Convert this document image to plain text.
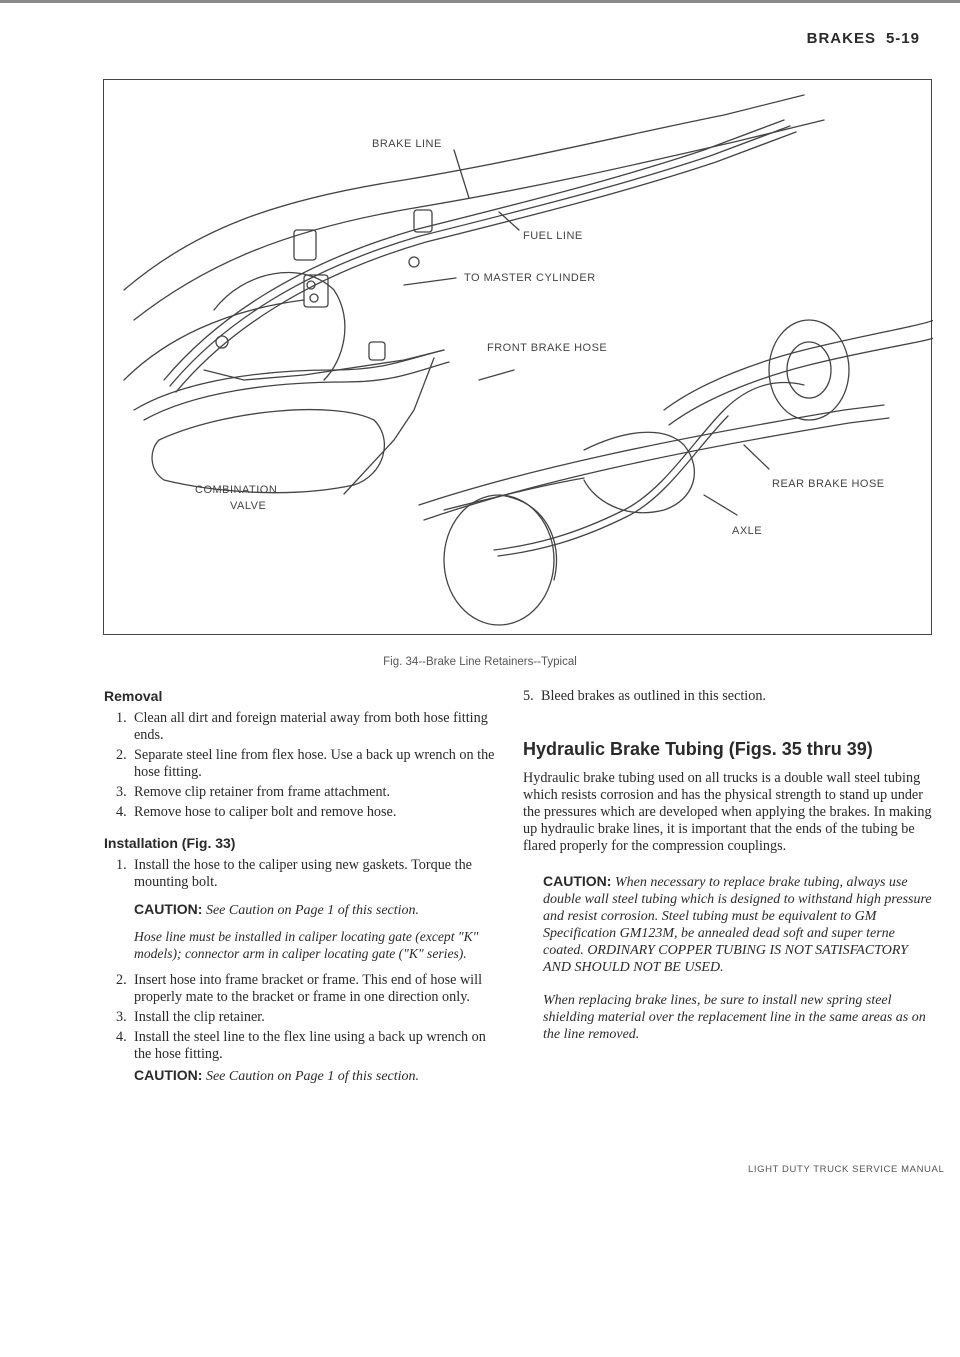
BRAKES 5-19
BRAKE LINE
FUEL LINE
TO MASTER CYLINDER
FRONT BRAKE HOSE
REAR BRAKE HOSE
AXLE
COMBINATION
VALVE
Fig. 34--Brake Line Retainers--Typical
Removal
1. Clean all dirt and foreign material away from both hose fitting ends.
2. Separate steel line from flex hose. Use a back up wrench on the hose fitting.
3. Remove clip retainer from frame attachment.
4. Remove hose to caliper bolt and remove hose.
Installation (Fig. 33)
1. Install the hose to the caliper using new gaskets. Torque the mounting bolt.
CAUTION: See Caution on Page 1 of this section.
Hose line must be installed in caliper locating gate (except "K" models); connector arm in caliper locating gate ("K" series).
2. Insert hose into frame bracket or frame. This end of hose will properly mate to the bracket or frame in one direction only.
3. Install the clip retainer.
4. Install the steel line to the flex line using a back up wrench on the hose fitting.
CAUTION: See Caution on Page 1 of this section.
5. Bleed brakes as outlined in this section.
Hydraulic Brake Tubing (Figs. 35 thru 39)

Hydraulic brake tubing used on all trucks is a double wall steel tubing which resists corrosion and has the physical strength to stand up under the pressures which are developed when applying the brakes. In making up hydraulic brake lines, it is important that the ends of the tubing be flared properly for the compression couplings.

CAUTION: When necessary to replace brake tubing, always use double wall steel tubing which is designed to withstand high pressure and resist corrosion. Steel tubing must be equivalent to GM Specification GM123M, be annealed dead soft and super terne coated. ORDINARY COPPER TUBING IS NOT SATISFACTORY AND SHOULD NOT BE USED.
When replacing brake lines, be sure to install new spring steel shielding material over the replacement line in the same areas as on the line removed.
LIGHT DUTY TRUCK SERVICE MANUAL
